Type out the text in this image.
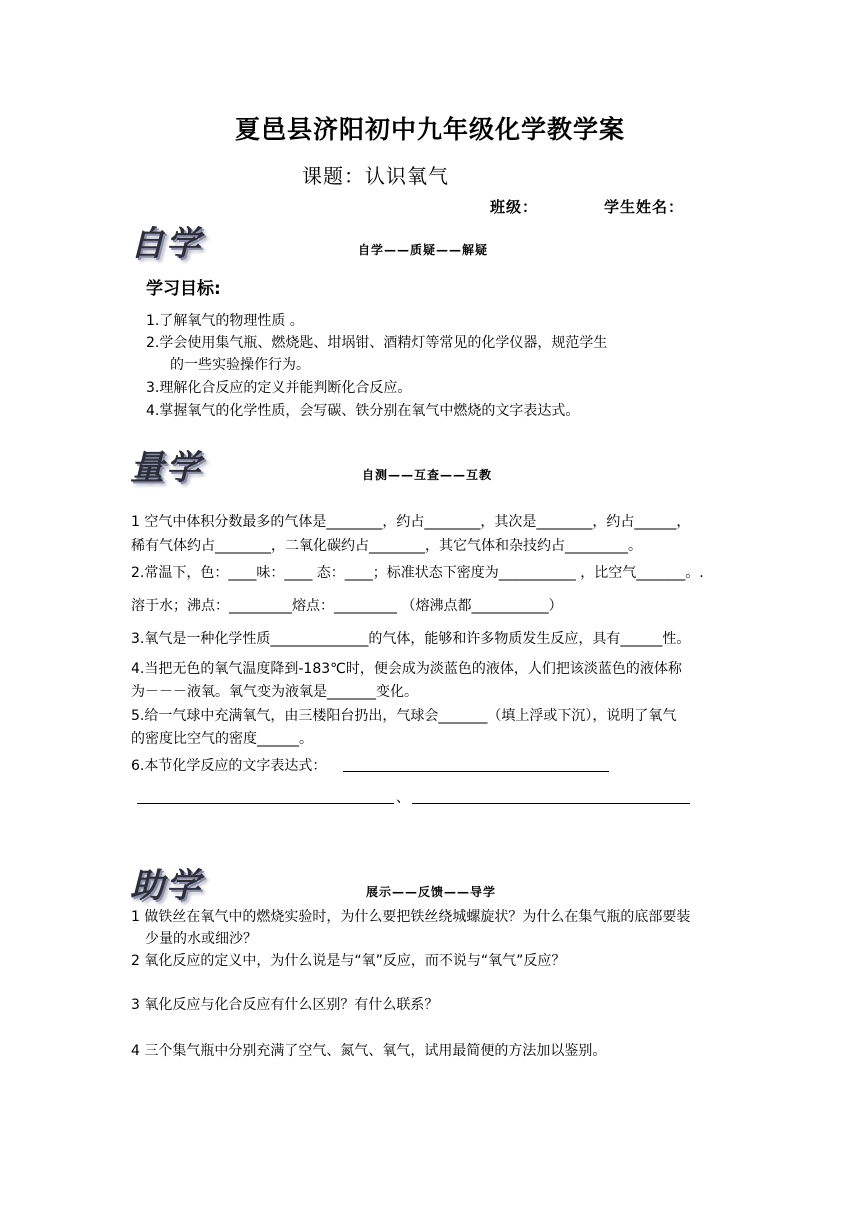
夏邑县济阳初中九年级化学教学案
课题：认识氧气
班级：	学生姓名：
自学	自学——质疑——解疑
学习目标:
1.了解氧气的物理性质 。
2.学会使用集气瓶、燃烧匙、坩埚钳、酒精灯等常见的化学仪器，规范学生
的一些实验操作行为。
3.理解化合反应的定义并能判断化合反应。
4.掌握氧气的化学性质，会写碳、铁分别在氧气中燃烧的文字表达式。
量学	自测——互查——互教
1 空气中体积分数最多的气体是________，约占________，其次是________，约占______，
稀有气体约占________，二氧化碳约占________，其它气体和杂技约占_________。
2.常温下，色：____味：____ 态：____；标准状态下密度为___________ ，比空气_______。.
溶于水；沸点：_________熔点：_________ （熔沸点都___________）
3.氧气是一种化学性质______________的气体，能够和许多物质发生反应，具有______性。
4.当把无色的氧气温度降到-183℃时，便会成为淡蓝色的液体，人们把该淡蓝色的液体称
为－－－液氧。氧气变为液氧是_______变化。
5.给一气球中充满氧气，由三楼阳台扔出，气球会_______（填上浮或下沉），说明了氧气
的密度比空气的密度______。
6.本节化学反应的文字表达式：
、
助学	展示——反馈——导学
1 做铁丝在氧气中的燃烧实验时，为什么要把铁丝绕城螺旋状？为什么在集气瓶的底部要装
少量的水或细沙？
2 氧化反应的定义中，为什么说是与“氧”反应，而不说与“氧气”反应？
3 氧化反应与化合反应有什么区别？有什么联系？
4 三个集气瓶中分别充满了空气、氮气、氧气，试用最简便的方法加以鉴别。
